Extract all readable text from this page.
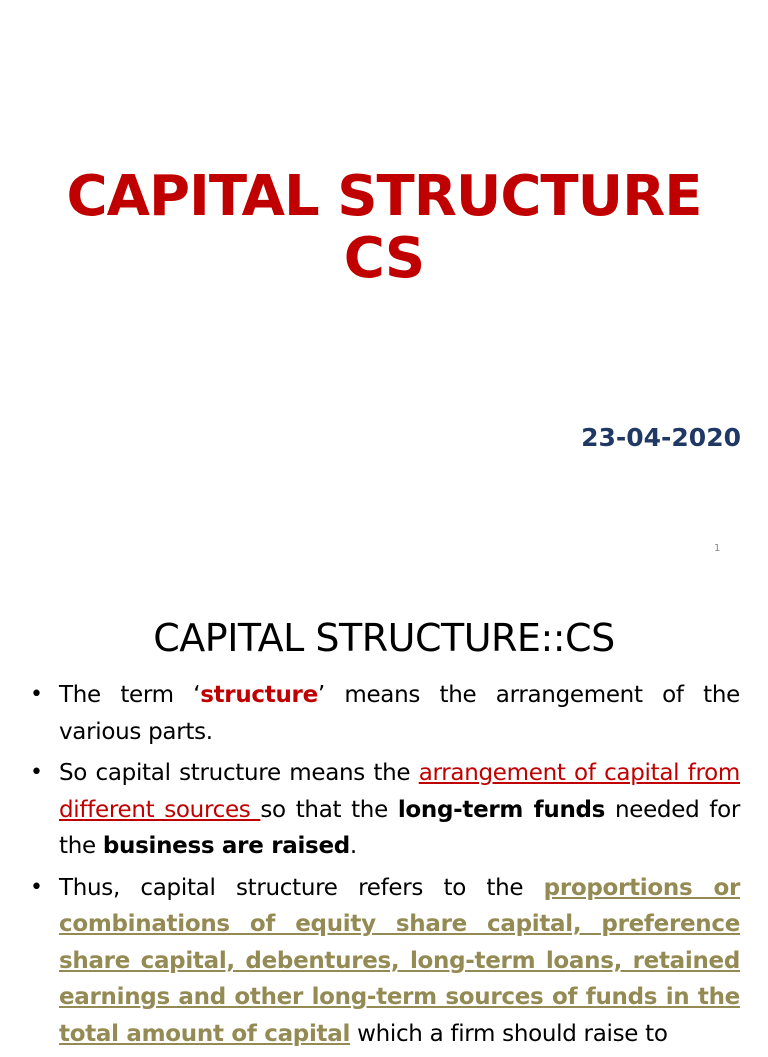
CAPITAL STRUCTURE
CS
23-04-2020
1
CAPITAL STRUCTURE::CS
• The term ‘structure’ means the arrangement of the various parts.
• So capital structure means the arrangement of capital from different sources so that the long-term funds needed for the business are raised.
• Thus, capital structure refers to the proportions or combinations of equity share capital, preference share capital, debentures, long-term loans, retained earnings and other long-term sources of funds in the total amount of capital which a firm should raise to
